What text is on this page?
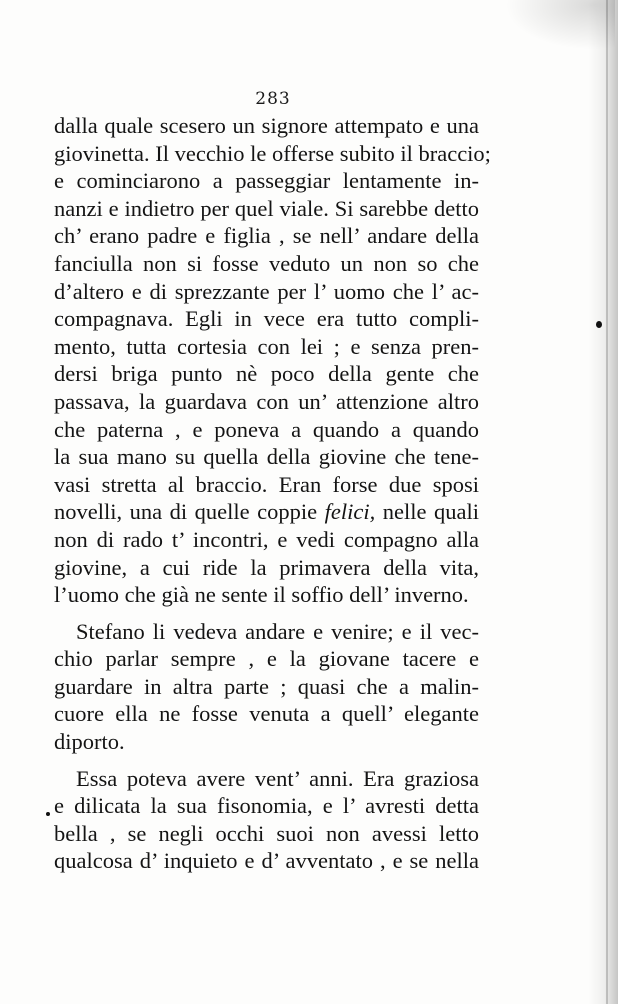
283
dalla quale scesero un signore attempato e una
giovinetta. Il vecchio le offerse subito il braccio;
e cominciarono a passeggiar lentamente in-
nanzi e indietro per quel viale. Si sarebbe detto
ch’ erano padre e figlia , se nell’ andare della
fanciulla non si fosse veduto un non so che
d’altero e di sprezzante per l’ uomo che l’ ac-
compagnava. Egli in vece era tutto compli-
mento, tutta cortesia con lei ; e senza pren-
dersi briga punto nè poco della gente che
passava, la guardava con un’ attenzione altro
che paterna , e poneva a quando a quando
la sua mano su quella della giovine che tene-
vasi stretta al braccio. Eran forse due sposi
novelli, una di quelle coppie felici, nelle quali
non di rado t’ incontri, e vedi compagno alla
giovine, a cui ride la primavera della vita,
l’uomo che già ne sente il soffio dell’ inverno.
Stefano li vedeva andare e venire; e il vec-
chio parlar sempre , e la giovane tacere e
guardare in altra parte ; quasi che a malin-
cuore ella ne fosse venuta a quell’ elegante
diporto.
Essa poteva avere vent’ anni. Era graziosa
e dilicata la sua fisonomia, e l’ avresti detta
bella , se negli occhi suoi non avessi letto
qualcosa d’ inquieto e d’ avventato , e se nella
